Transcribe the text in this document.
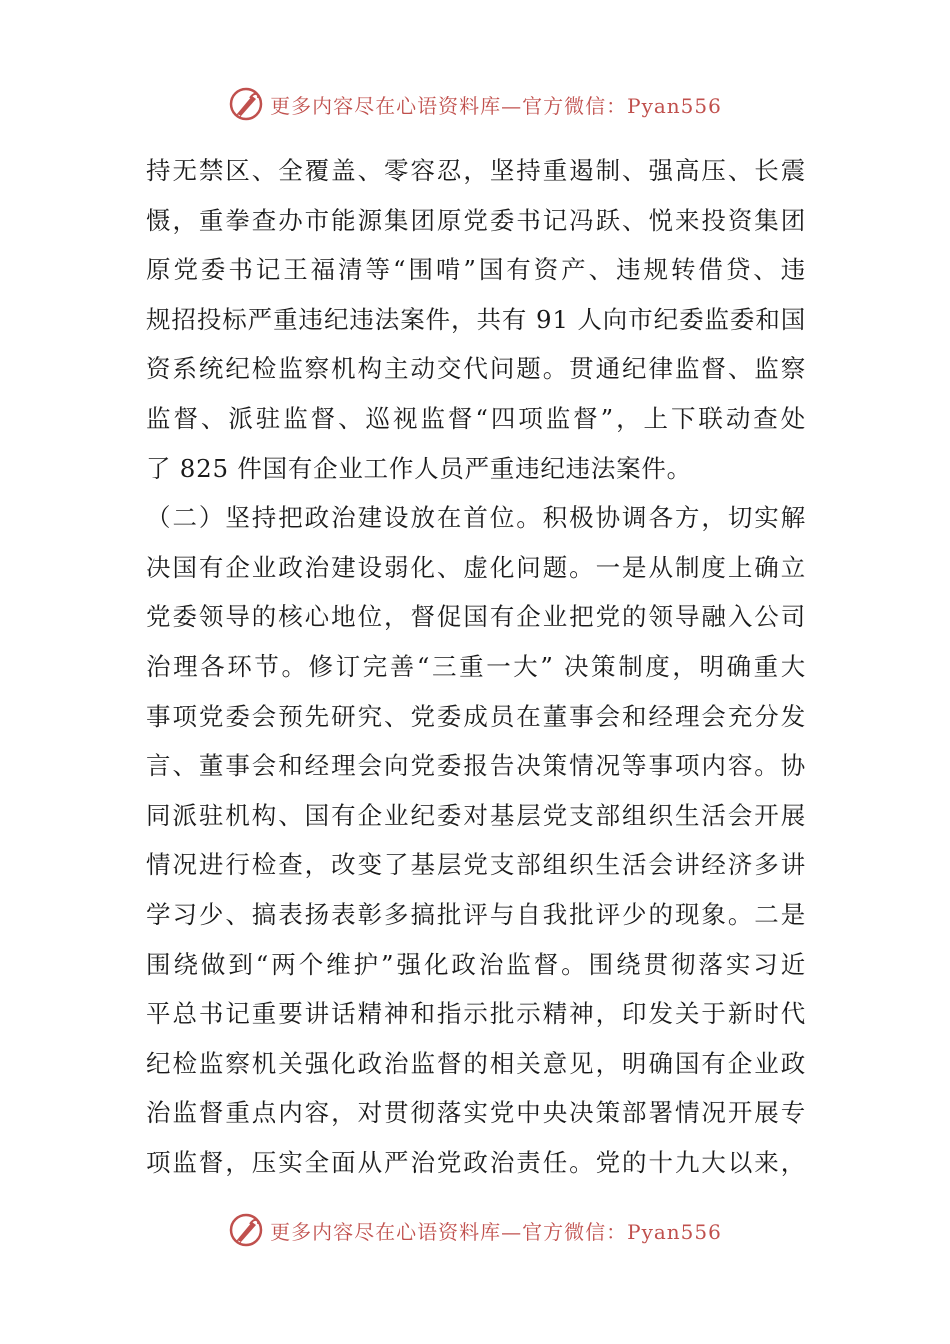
更多内容尽在心语资料库—官方微信：Pyan556
持无禁区、全覆盖、零容忍，坚持重遏制、强高压、长震
慑，重拳查办市能源集团原党委书记冯跃、悦来投资集团
原党委书记王福清等“围啃”国有资产、违规转借贷、违
规招投标严重违纪违法案件，共有 91 人向市纪委监委和国
资系统纪检监察机构主动交代问题。贯通纪律监督、监察
监督、派驻监督、巡视监督“四项监督”，上下联动查处
了 825 件国有企业工作人员严重违纪违法案件。
（二）坚持把政治建设放在首位。积极协调各方，切实解
决国有企业政治建设弱化、虚化问题。一是从制度上确立
党委领导的核心地位，督促国有企业把党的领导融入公司
治理各环节。修订完善“三重一大” 决策制度，明确重大
事项党委会预先研究、党委成员在董事会和经理会充分发
言、董事会和经理会向党委报告决策情况等事项内容。协
同派驻机构、国有企业纪委对基层党支部组织生活会开展
情况进行检查，改变了基层党支部组织生活会讲经济多讲
学习少、搞表扬表彰多搞批评与自我批评少的现象。二是
围绕做到“两个维护”强化政治监督。围绕贯彻落实习近
平总书记重要讲话精神和指示批示精神，印发关于新时代
纪检监察机关强化政治监督的相关意见，明确国有企业政
治监督重点内容，对贯彻落实党中央决策部署情况开展专
项监督，压实全面从严治党政治责任。党的十九大以来，
更多内容尽在心语资料库—官方微信：Pyan556
